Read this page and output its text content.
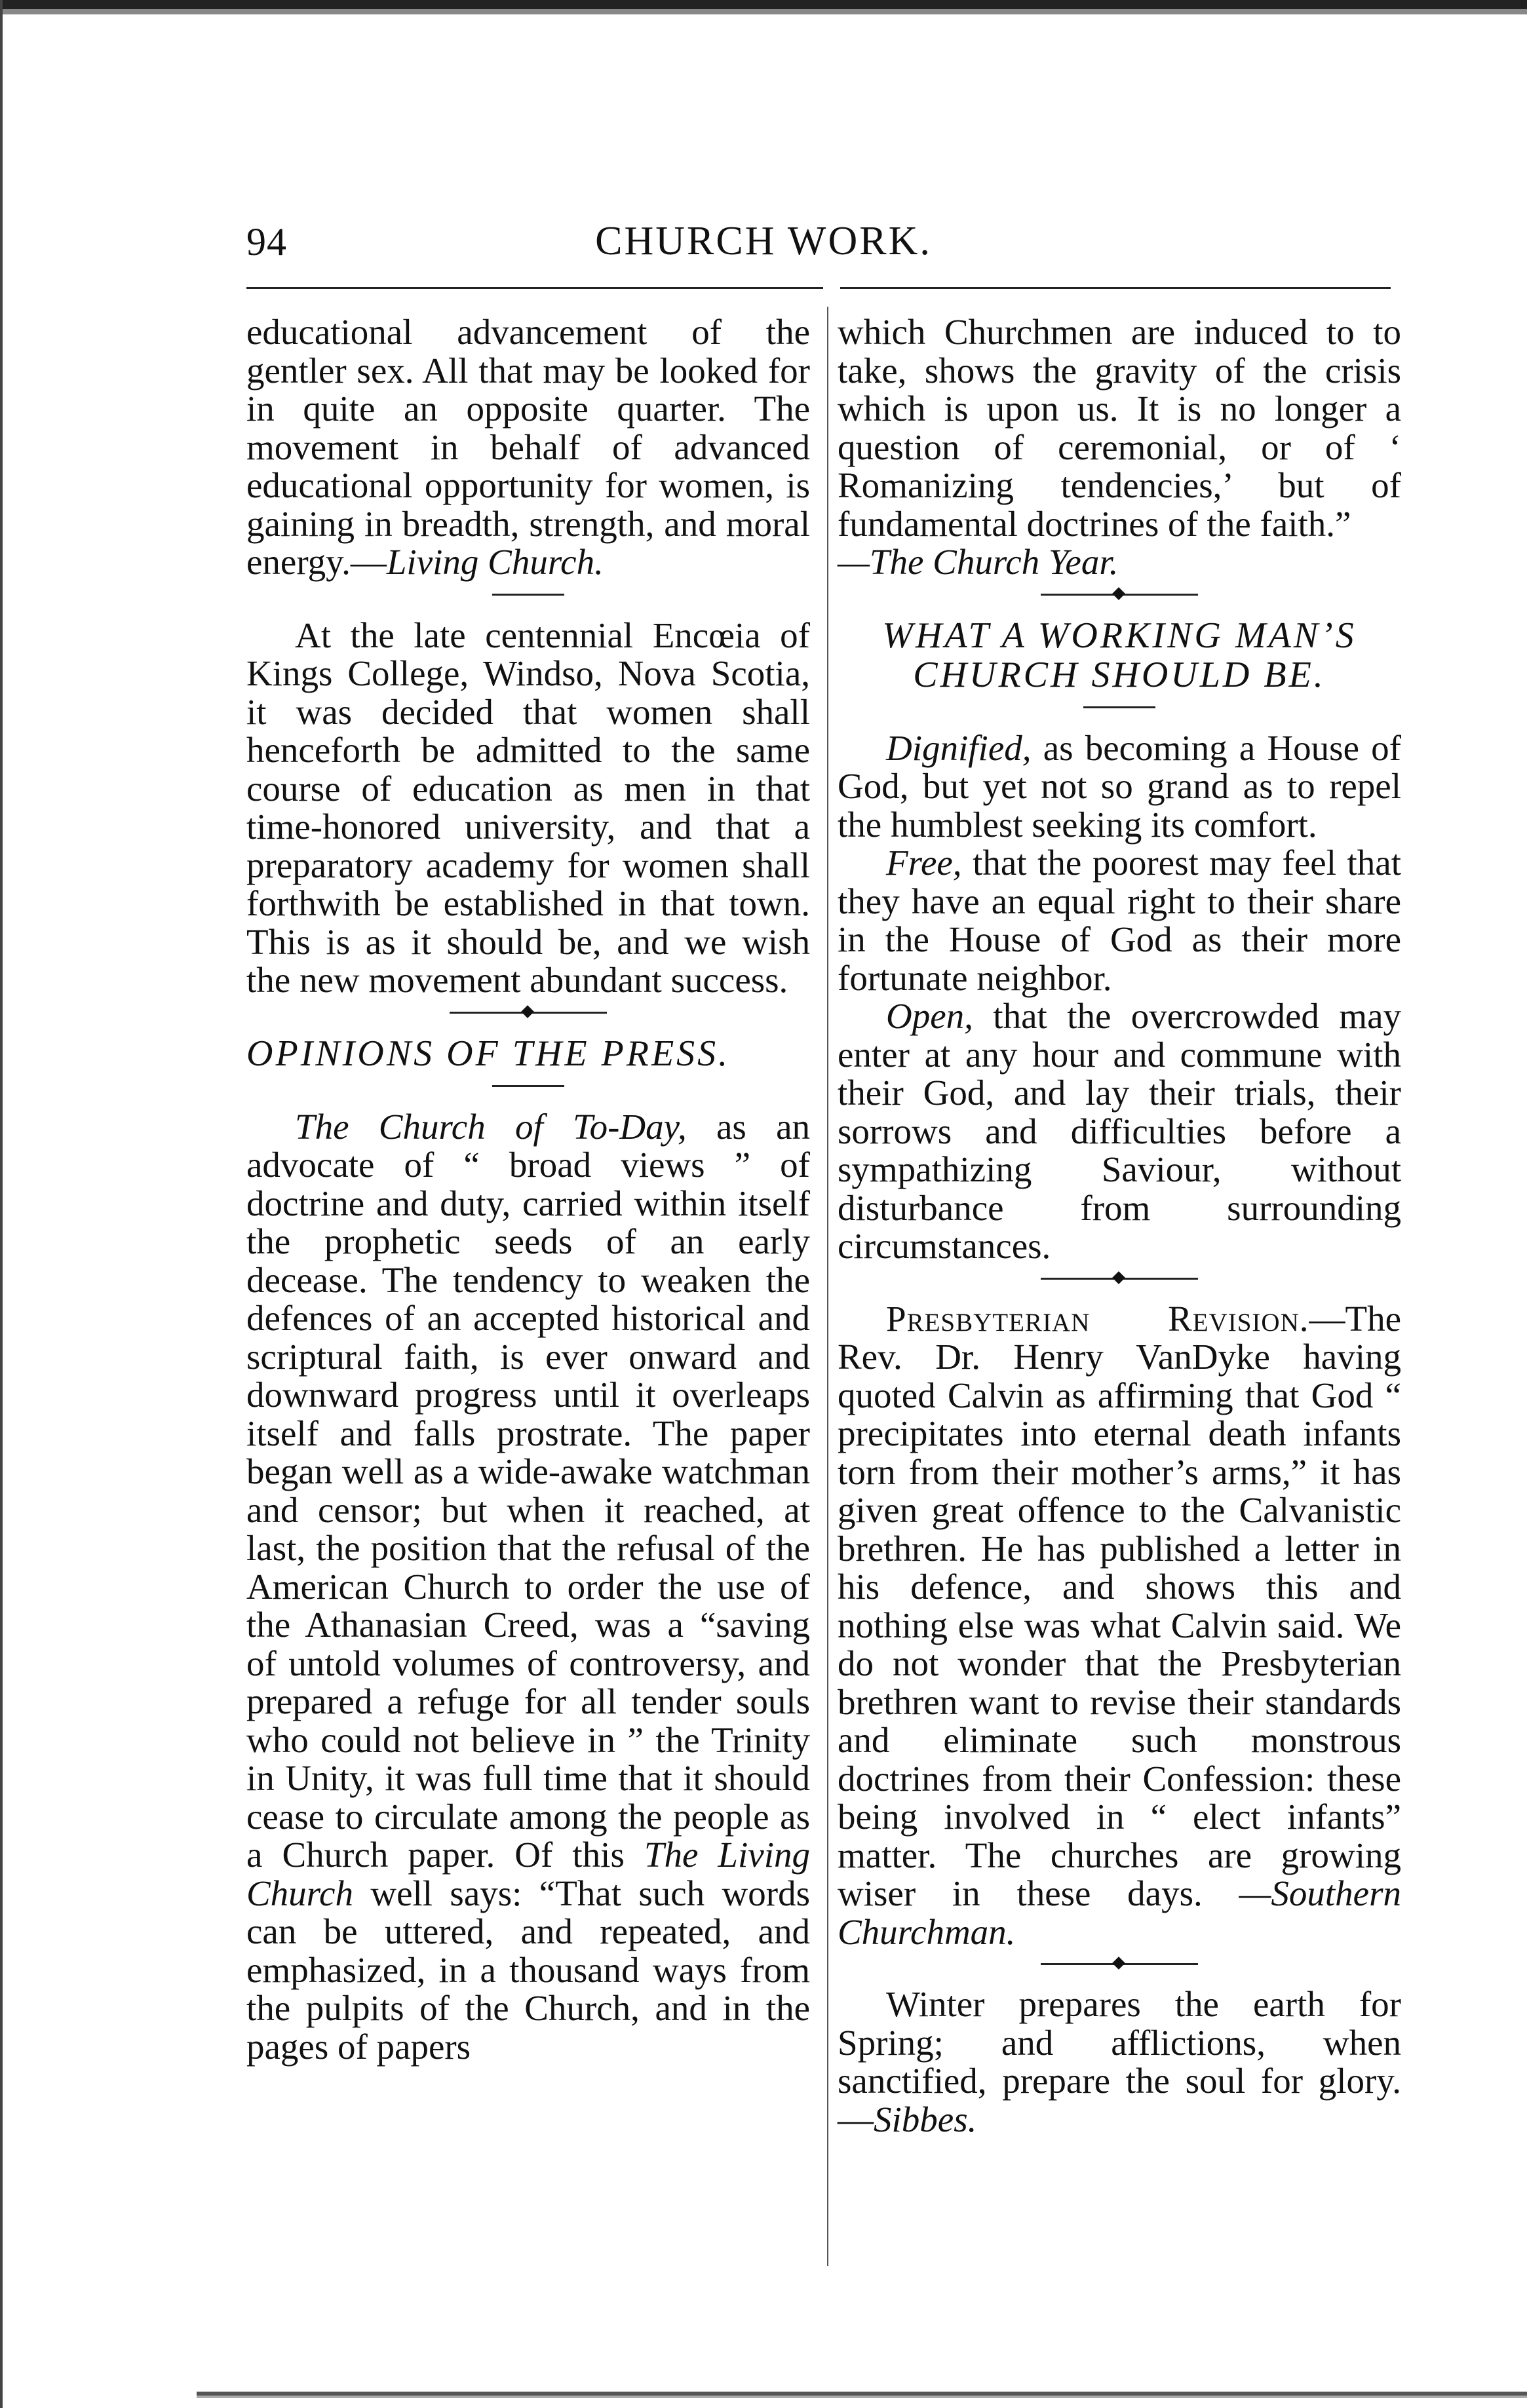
94	CHURCH WORK.

educational advancement of the gentler sex. All that may be looked for in quite an opposite quarter. The movement in behalf of advanced educational opportunity for women, is gaining in breadth, strength, and moral energy.—Living Church.

At the late centennial Encœia of Kings College, Windso, Nova Scotia, it was decided that women shall henceforth be admitted to the same course of education as men in that time-honored university, and that a preparatory academy for women shall forthwith be established in that town. This is as it should be, and we wish the new movement abundant success.

OPINIONS OF THE PRESS.

The Church of To-Day, as an advocate of “ broad views ” of doctrine and duty, carried within itself the prophetic seeds of an early decease. The tendency to weaken the defences of an accepted historical and scriptural faith, is ever onward and downward progress until it overleaps itself and falls prostrate. The paper began well as a wide-awake watchman and censor; but when it reached, at last, the position that the refusal of the American Church to order the use of the Athanasian Creed, was a “saving of untold volumes of controversy, and prepared a refuge for all tender souls who could not believe in ” the Trinity in Unity, it was full time that it should cease to circulate among the people as a Church paper. Of this The Living Church well says: “That such words can be uttered, and repeated, and emphasized, in a thousand ways from the pulpits of the Church, and in the pages of papers

which Churchmen are induced to to take, shows the gravity of the crisis which is upon us. It is no longer a question of ceremonial, or of ‘ Romanizing tendencies,’ but of fundamental doctrines of the faith.”

—The Church Year.

WHAT A WORKING MAN’S CHURCH SHOULD BE.

Dignified, as becoming a House of God, but yet not so grand as to repel the humblest seeking its comfort.

Free, that the poorest may feel that they have an equal right to their share in the House of God as their more fortunate neighbor.

Open, that the overcrowded may enter at any hour and commune with their God, and lay their trials, their sorrows and difficulties before a sympathizing Saviour, without disturbance from surrounding circumstances.

Presbyterian Revision.—The Rev. Dr. Henry VanDyke having quoted Calvin as affirming that God “ precipitates into eternal death infants torn from their mother’s arms,” it has given great offence to the Calvanistic brethren. He has published a letter in his defence, and shows this and nothing else was what Calvin said. We do not wonder that the Presbyterian brethren want to revise their standards and eliminate such monstrous doctrines from their Confession: these being involved in “ elect infants” matter. The churches are growing wiser in these days. —Southern Churchman.

Winter prepares the earth for Spring; and afflictions, when sanctified, prepare the soul for glory.—Sibbes.
